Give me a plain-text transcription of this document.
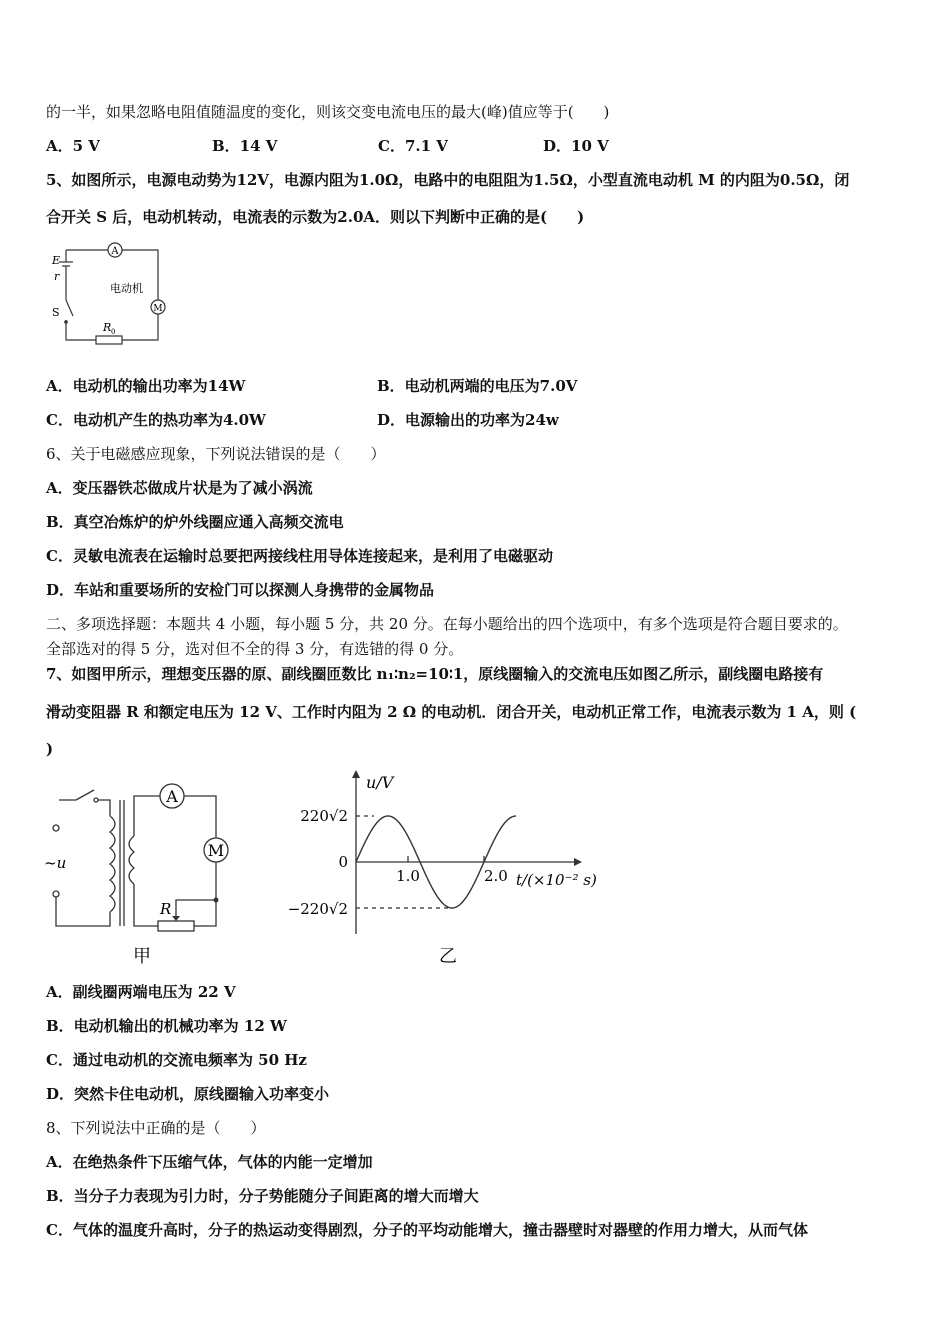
的一半，如果忽略电阻值随温度的变化，则该交变电流电压的最大(峰)值应等于(　　)
A．5 V	B．14 V	C．7.1 V	D．10 V
5、如图所示，电源电动势为12V，电源内阻为1.0Ω，电路中的电阻阻为1.5Ω，小型直流电动机 M 的内阻为0.5Ω，闭
合开关 S 后，电动机转动，电流表的示数为2.0A．则以下判断中正确的是(　　)
A
M
E
r
S
电动机
R 0
A．电动机的输出功率为14W	B．电动机两端的电压为7.0V
C．电动机产生的热功率为4.0W	D．电源输出的功率为24w
6、关于电磁感应现象，下列说法错误的是（　　）
A．变压器铁芯做成片状是为了减小涡流
B．真空冶炼炉的炉外线圈应通入高频交流电
C．灵敏电流表在运输时总要把两接线柱用导体连接起来，是利用了电磁驱动
D．车站和重要场所的安检门可以探测人身携带的金属物品
二、多项选择题：本题共 4 小题，每小题 5 分，共 20 分。在每小题给出的四个选项中，有多个选项是符合题目要求的。
全部选对的得 5 分，选对但不全的得 3 分，有选错的得 0 分。
7、如图甲所示，理想变压器的原、副线圈匝数比 n₁∶n₂=10∶1，原线圈输入的交流电压如图乙所示，副线圈电路接有
滑动变阻器 R 和额定电压为 12 V、工作时内阻为 2 Ω 的电动机．闭合开关，电动机正常工作，电流表示数为 1 A，则 (
)
A
M
~u
R
甲
u/V
220√2
−220√2
0
1.0	2.0 t/(×10⁻² s)
乙
A．副线圈两端电压为 22 V
B．电动机输出的机械功率为 12 W
C．通过电动机的交流电频率为 50 Hz
D．突然卡住电动机，原线圈输入功率变小
8、下列说法中正确的是（　　）
A．在绝热条件下压缩气体，气体的内能一定增加
B．当分子力表现为引力时，分子势能随分子间距离的增大而增大
C．气体的温度升高时，分子的热运动变得剧烈，分子的平均动能增大，撞击器壁时对器壁的作用力增大，从而气体
